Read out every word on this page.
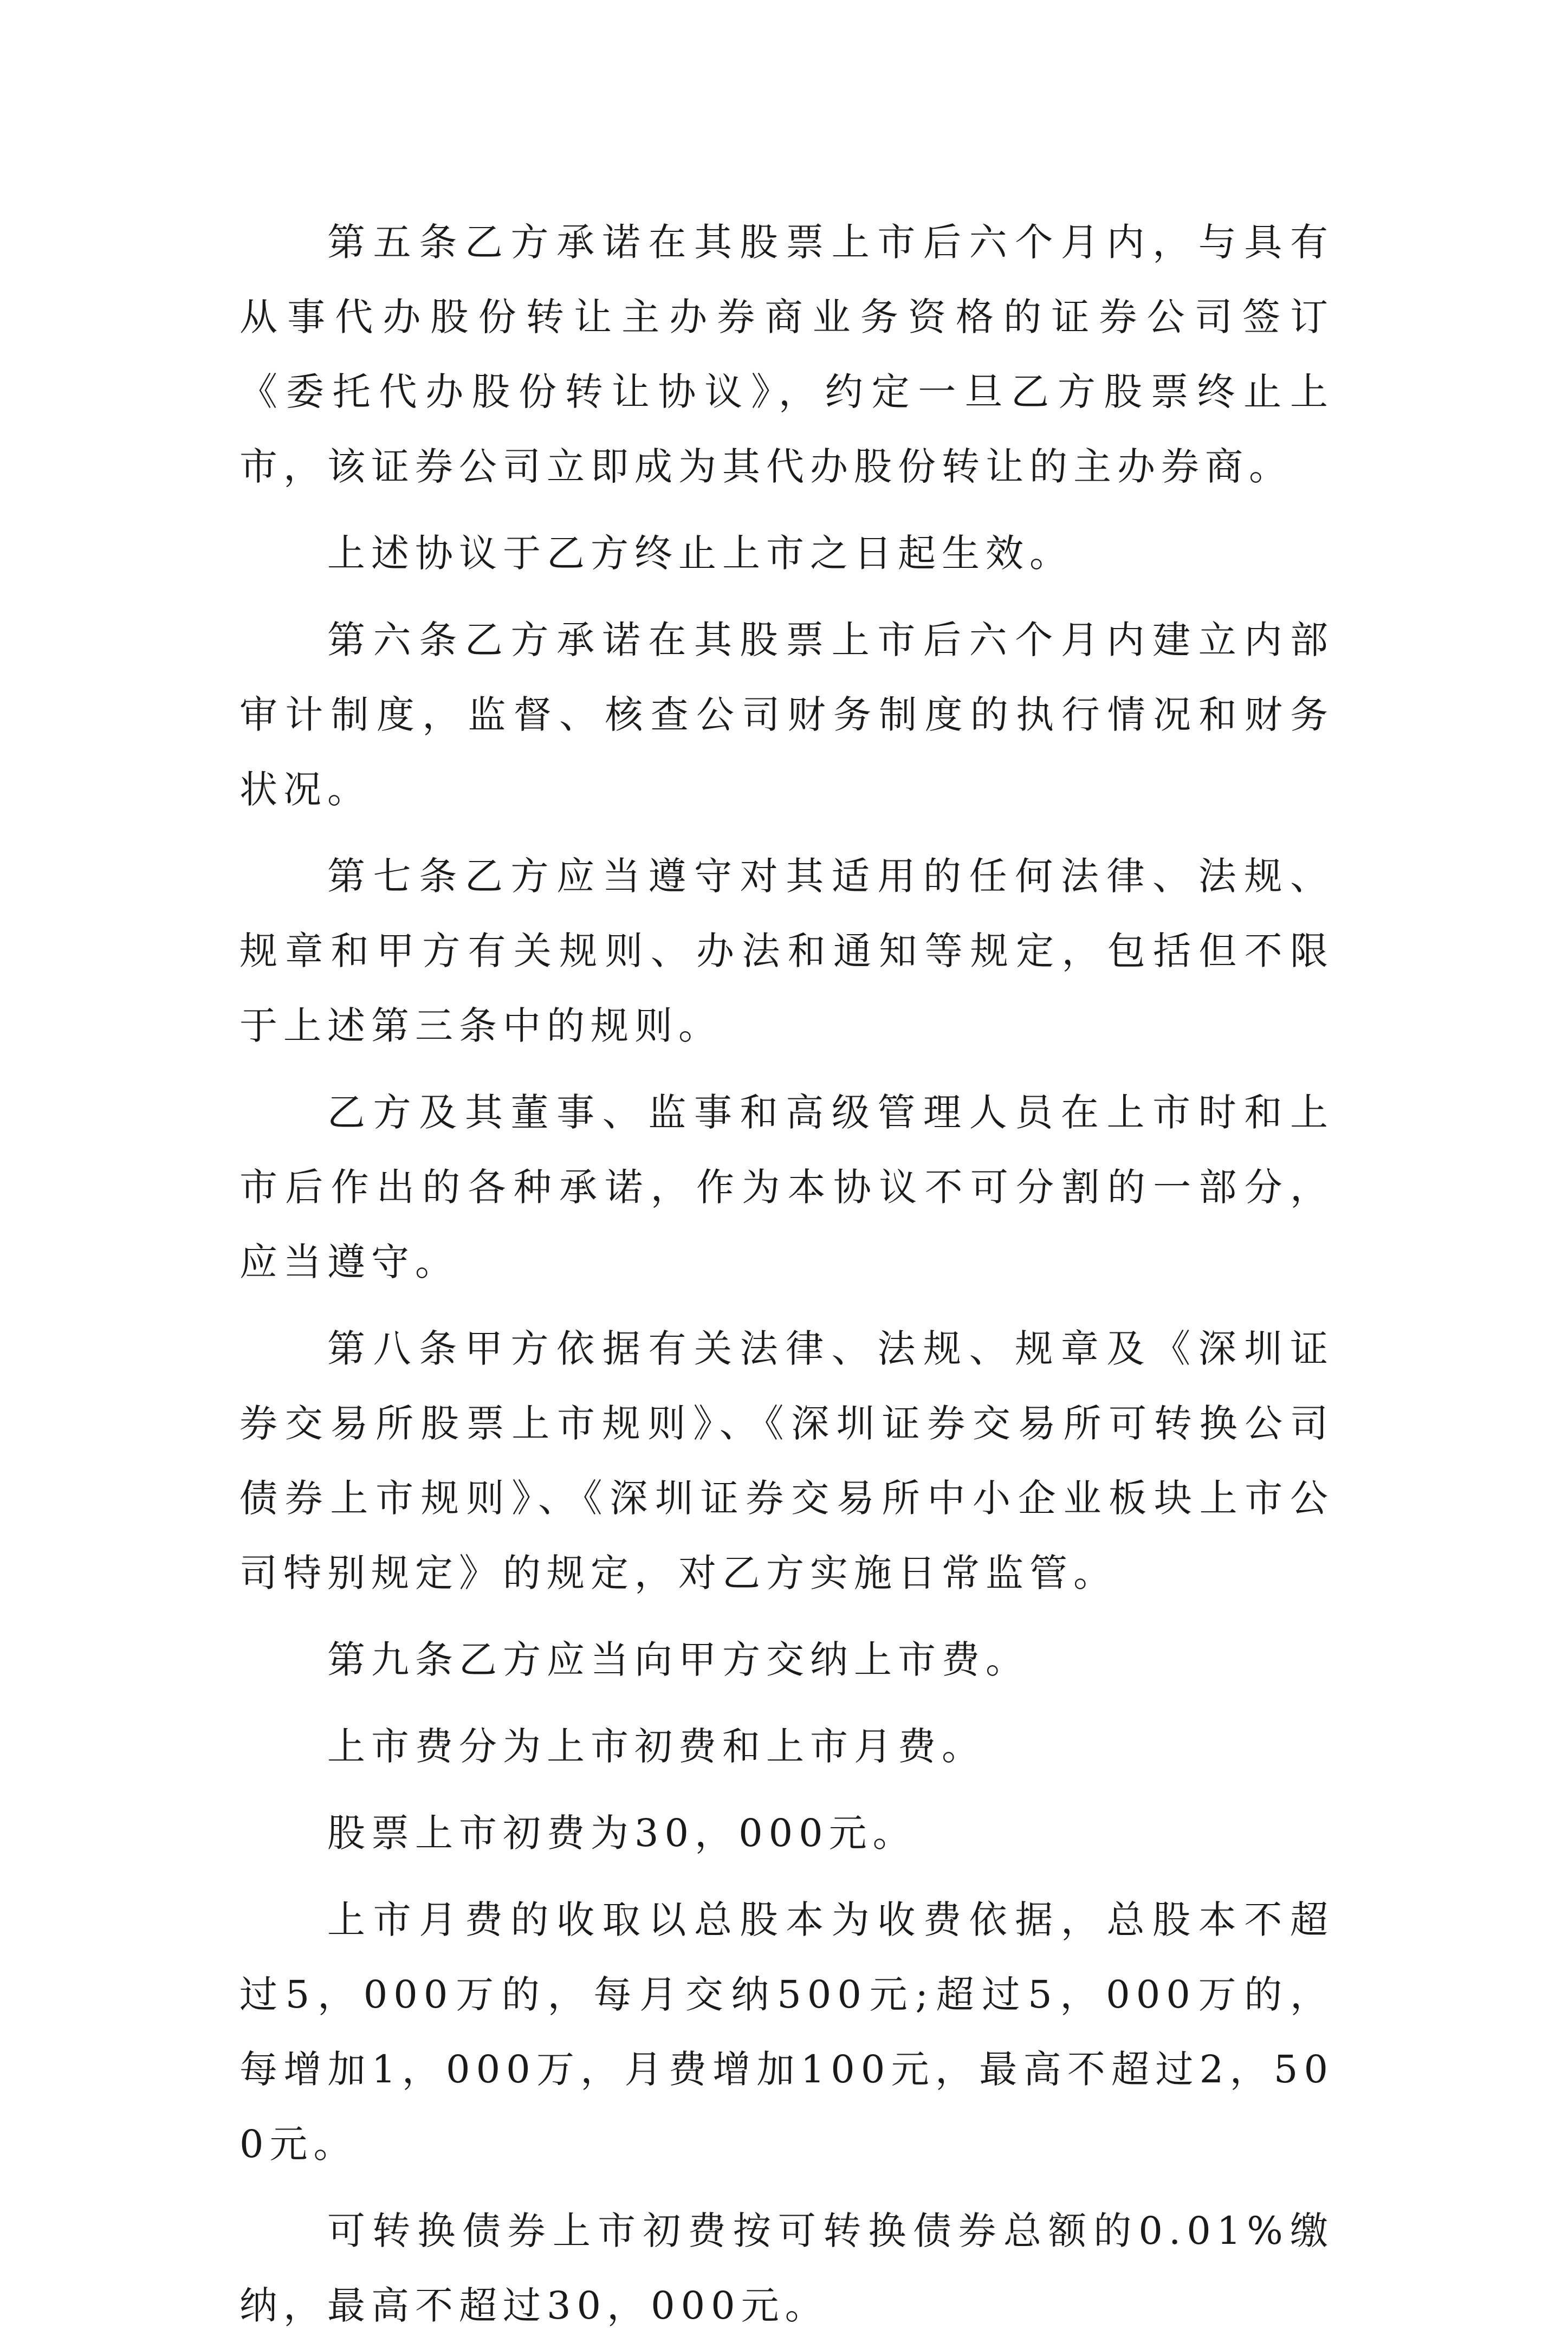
第五条乙方承诺在其股票上市后六个月内，与具有从事代办股份转让主办券商业务资格的证券公司签订《委托代办股份转让协议》，约定一旦乙方股票终止上市，该证券公司立即成为其代办股份转让的主办券商。

上述协议于乙方终止上市之日起生效。

第六条乙方承诺在其股票上市后六个月内建立内部审计制度，监督、核查公司财务制度的执行情况和财务状况。

第七条乙方应当遵守对其适用的任何法律、法规、规章和甲方有关规则、办法和通知等规定，包括但不限于上述第三条中的规则。

乙方及其董事、监事和高级管理人员在上市时和上市后作出的各种承诺，作为本协议不可分割的一部分，应当遵守。

第八条甲方依据有关法律、法规、规章及《深圳证券交易所股票上市规则》、《深圳证券交易所可转换公司债券上市规则》、《深圳证券交易所中小企业板块上市公司特别规定》的规定，对乙方实施日常监管。

第九条乙方应当向甲方交纳上市费。

上市费分为上市初费和上市月费。

股票上市初费为30，000元。

上市月费的收取以总股本为收费依据，总股本不超过5，000万的，每月交纳500元;超过5，000万的，每增加1，000万，月费增加100元，最高不超过2，500元。

可转换债券上市初费按可转换债券总额的0.01%缴纳，最高不超过30，000元。
